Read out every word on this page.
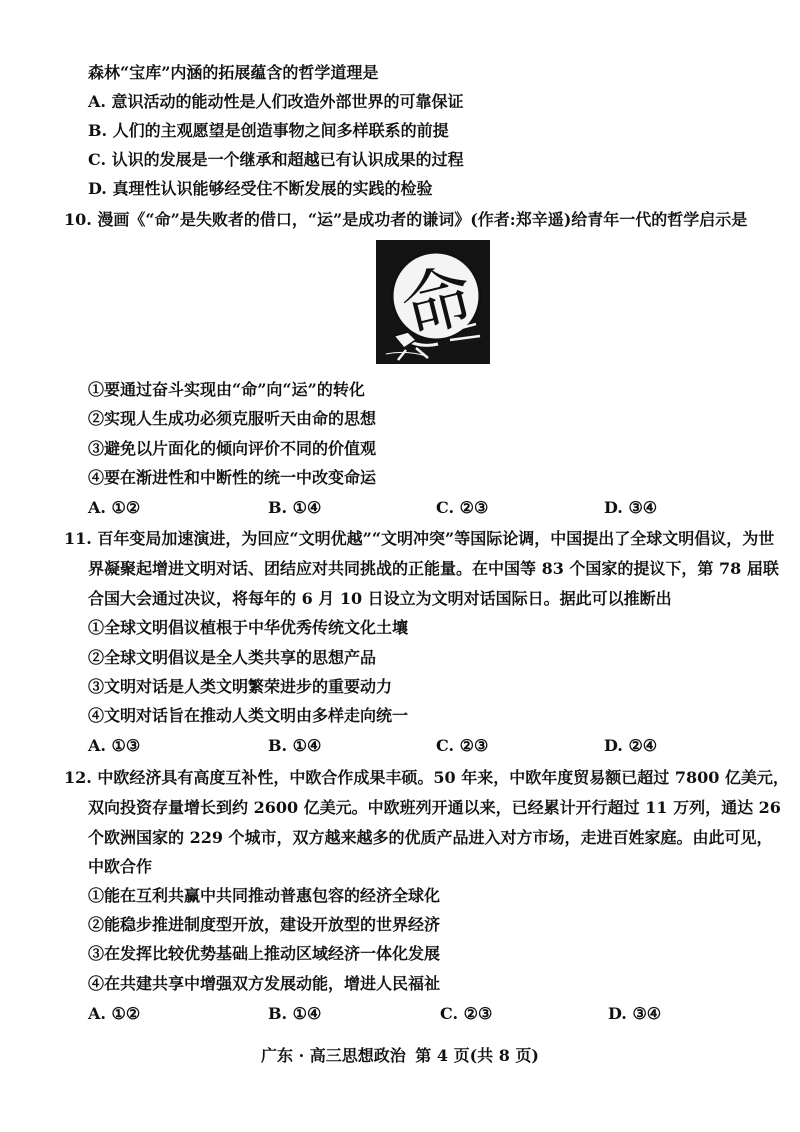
森林“宝库”内涵的拓展蕴含的哲学道理是
A. 意识活动的能动性是人们改造外部世界的可靠保证
B. 人们的主观愿望是创造事物之间多样联系的前提
C. 认识的发展是一个继承和超越已有认识成果的过程
D. 真理性认识能够经受住不断发展的实践的检验
10. 漫画《“命”是失败者的借口，“运”是成功者的谦词》(作者:郑辛遥)给青年一代的哲学启示是
命
①要通过奋斗实现由“命”向“运”的转化
②实现人生成功必须克服听天由命的思想
③避免以片面化的倾向评价不同的价值观
④要在渐进性和中断性的统一中改变命运
A. ①②	B. ①④	C. ②③	D. ③④
11. 百年变局加速演进，为回应“文明优越”“文明冲突”等国际论调，中国提出了全球文明倡议，为世
界凝聚起增进文明对话、团结应对共同挑战的正能量。在中国等 83 个国家的提议下，第 78 届联
合国大会通过决议，将每年的 6 月 10 日设立为文明对话国际日。据此可以推断出
①全球文明倡议植根于中华优秀传统文化土壤
②全球文明倡议是全人类共享的思想产品
③文明对话是人类文明繁荣进步的重要动力
④文明对话旨在推动人类文明由多样走向统一
A. ①③	B. ①④	C. ②③	D. ②④
12. 中欧经济具有高度互补性，中欧合作成果丰硕。50 年来，中欧年度贸易额已超过 7800 亿美元，
双向投资存量增长到约 2600 亿美元。中欧班列开通以来，已经累计开行超过 11 万列，通达 26
个欧洲国家的 229 个城市，双方越来越多的优质产品进入对方市场，走进百姓家庭。由此可见，
中欧合作
①能在互利共赢中共同推动普惠包容的经济全球化
②能稳步推进制度型开放，建设开放型的世界经济
③在发挥比较优势基础上推动区域经济一体化发展
④在共建共享中增强双方发展动能，增进人民福祉
A. ①②	B. ①④	C. ②③	D. ③④
广东 · 高三思想政治 第 4 页(共 8 页)
